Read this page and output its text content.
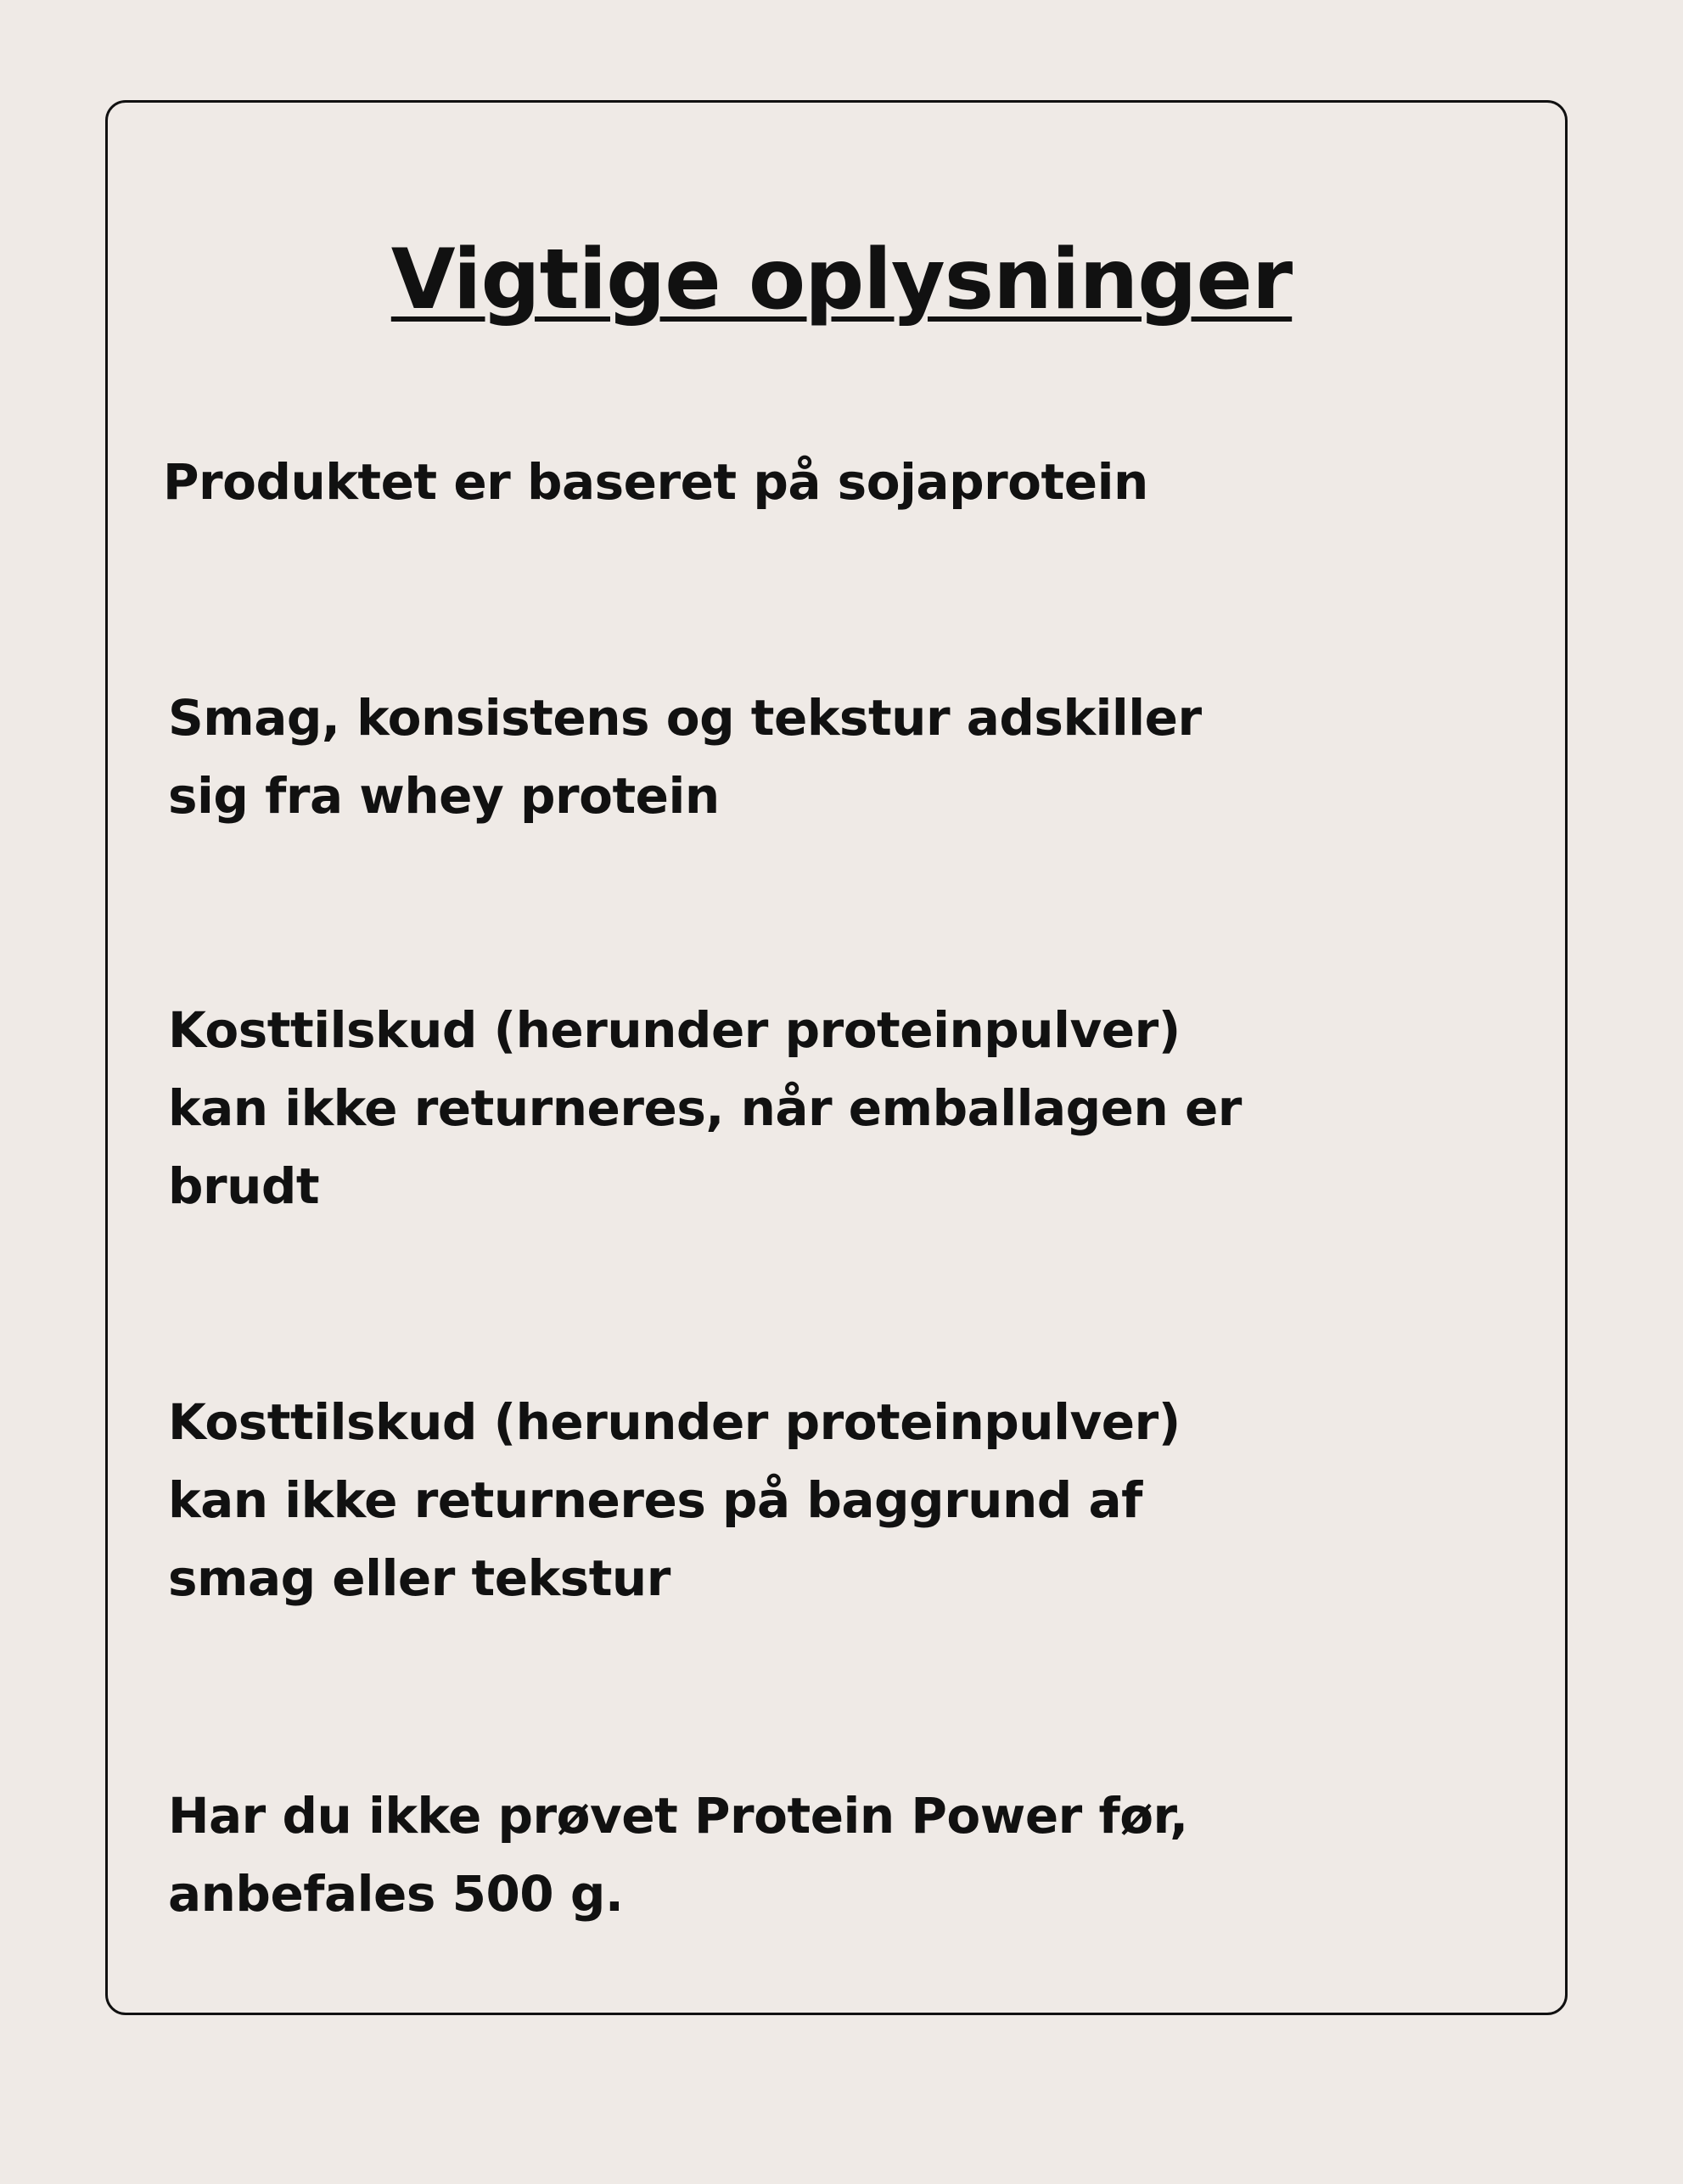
Vigtige oplysninger

Produktet er baseret på sojaprotein

Smag, konsistens og tekstur adskiller
sig fra whey protein

Kosttilskud (herunder proteinpulver)
kan ikke returneres, når emballagen er
brudt

Kosttilskud (herunder proteinpulver)
kan ikke returneres på baggrund af
smag eller tekstur

Har du ikke prøvet Protein Power før,
anbefales 500 g.
